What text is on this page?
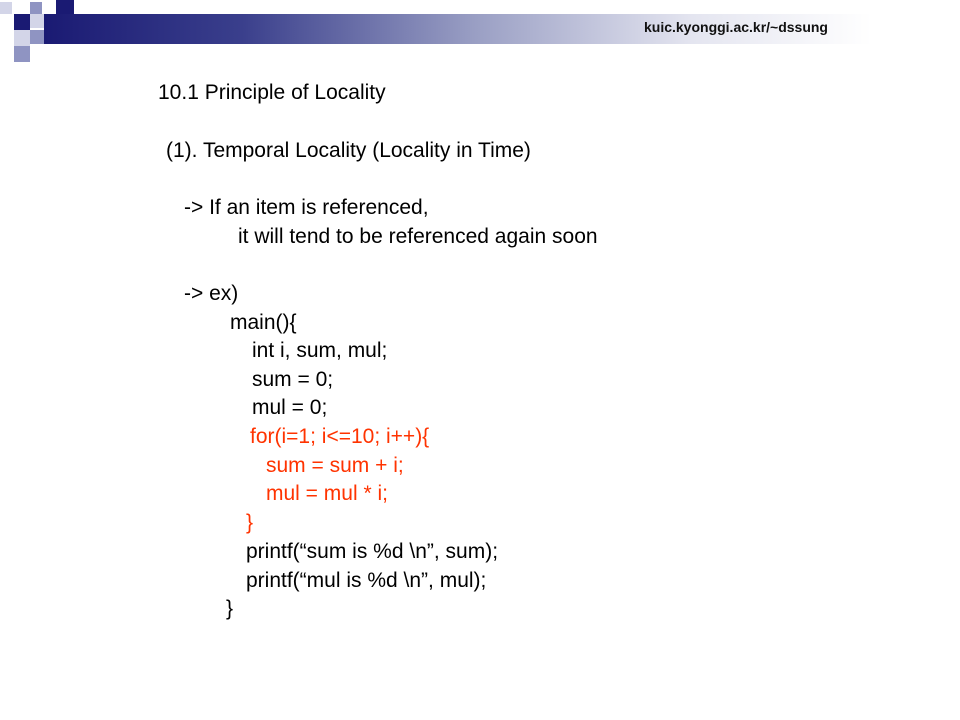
kuic.kyonggi.ac.kr/~dssung
10.1 Principle of Locality
(1). Temporal Locality (Locality in Time)
-> If an item is referenced,
it will tend to be referenced again soon
-> ex)
main(){
int i, sum, mul;
sum = 0;
mul = 0;
for(i=1; i<=10; i++){
sum = sum + i;
mul = mul * i;
}
printf(“sum is %d \n”, sum);
printf(“mul is %d \n”, mul);
}
